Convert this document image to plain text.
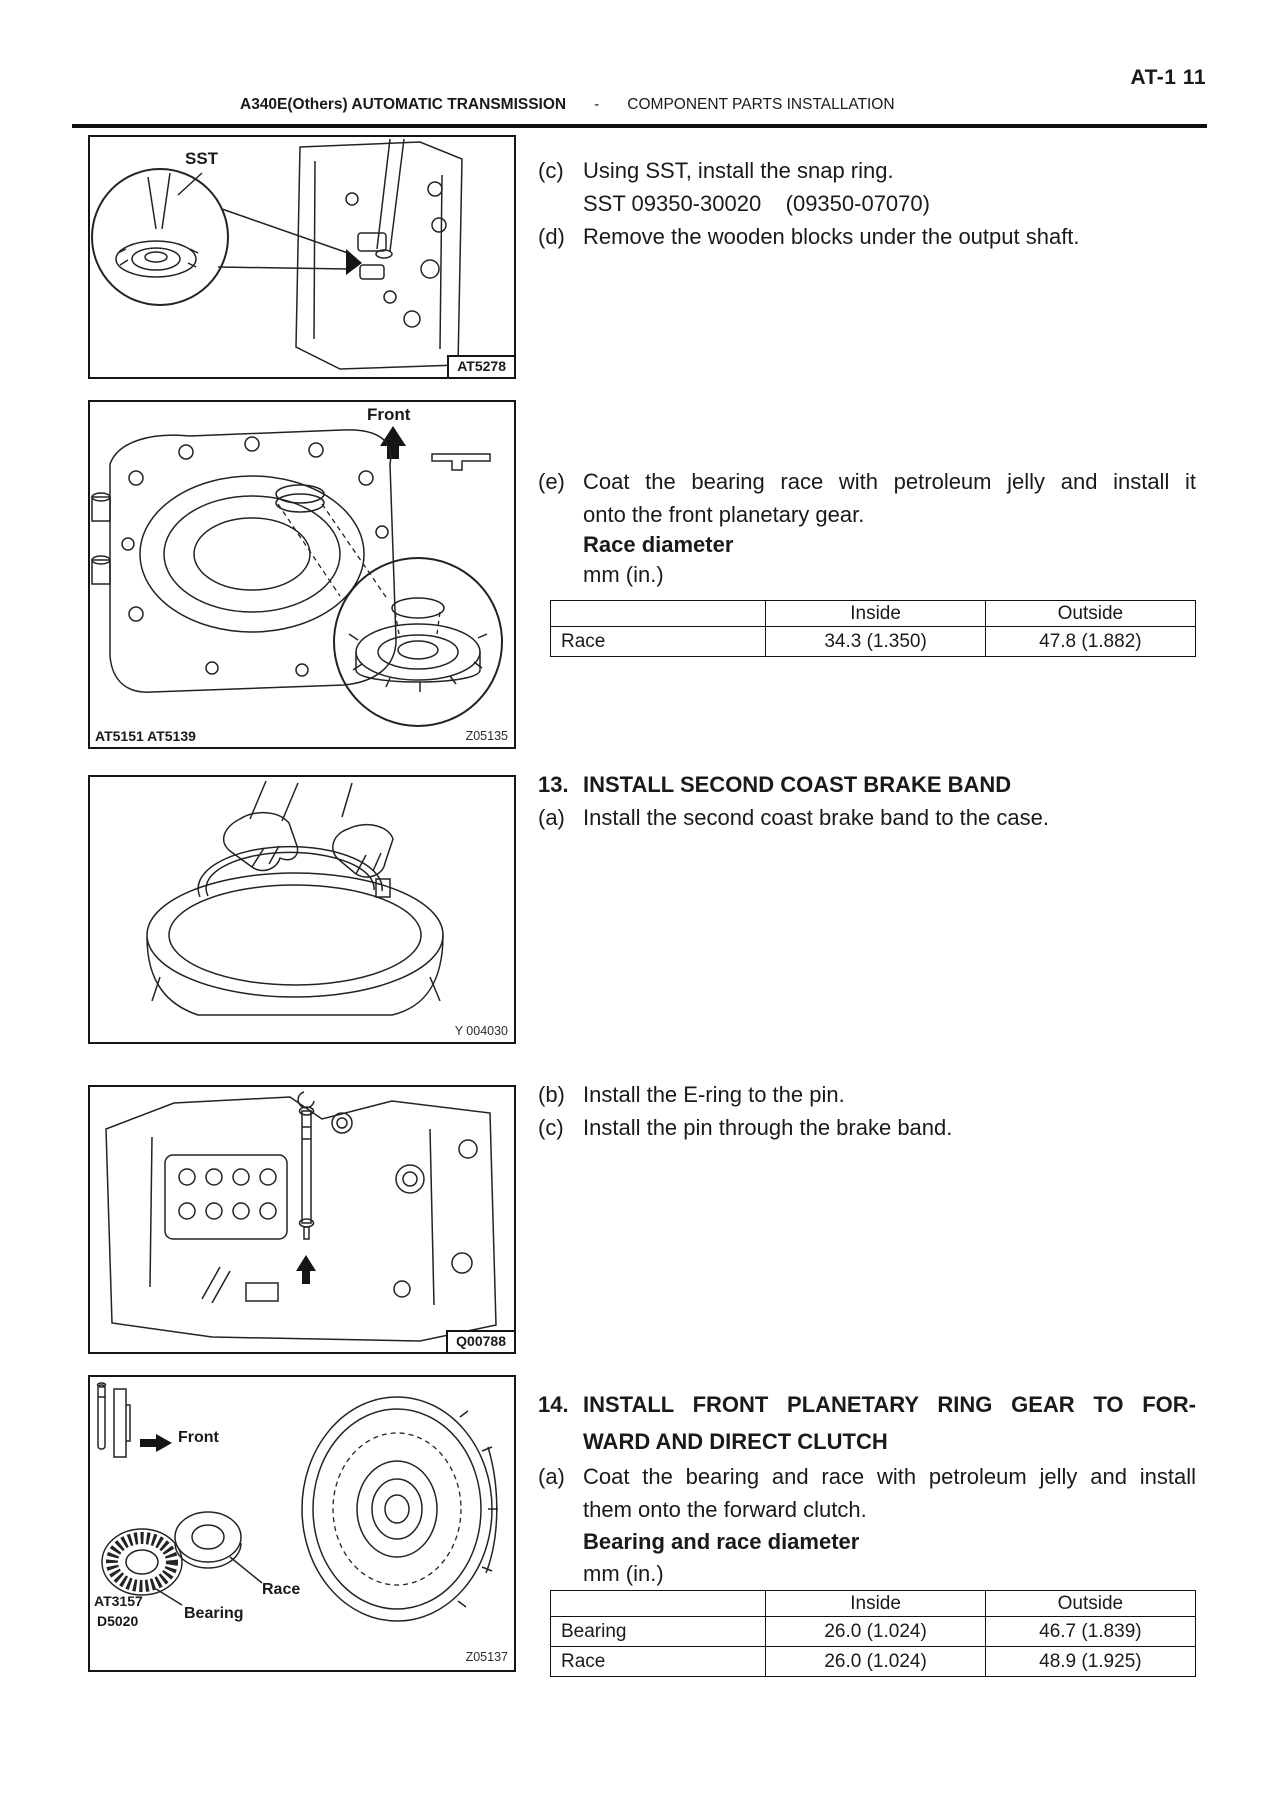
AT-1 11
A340E(Others) AUTOMATIC TRANSMISSION - COMPONENT PARTS INSTALLATION
SST
AT5278
Front
AT5151 AT5139	Z05135
Y 004030
Q00788
Front
Bearing
Race
AT3157
D5020
Z05137
(c) Using SST, install the snap ring.
SST 09350-30020    (09350-07070)
(d) Remove the wooden blocks under the output shaft.
(e) Coat the bearing race with petroleum jelly and install it
onto the front planetary gear.
Race diameter
mm (in.)
	Inside	Outside
Race	34.3 (1.350)	47.8 (1.882)
13. INSTALL SECOND COAST BRAKE BAND
(a) Install the second coast brake band to the case.
(b) Install the E-ring to the pin.
(c) Install the pin through the brake band.
14. INSTALL FRONT PLANETARY RING GEAR TO FOR-
WARD AND DIRECT CLUTCH
(a) Coat the bearing and race with petroleum jelly and install
them onto the forward clutch.
Bearing and race diameter
mm (in.)
	Inside	Outside
Bearing	26.0 (1.024)	46.7 (1.839)
Race	26.0 (1.024)	48.9 (1.925)
